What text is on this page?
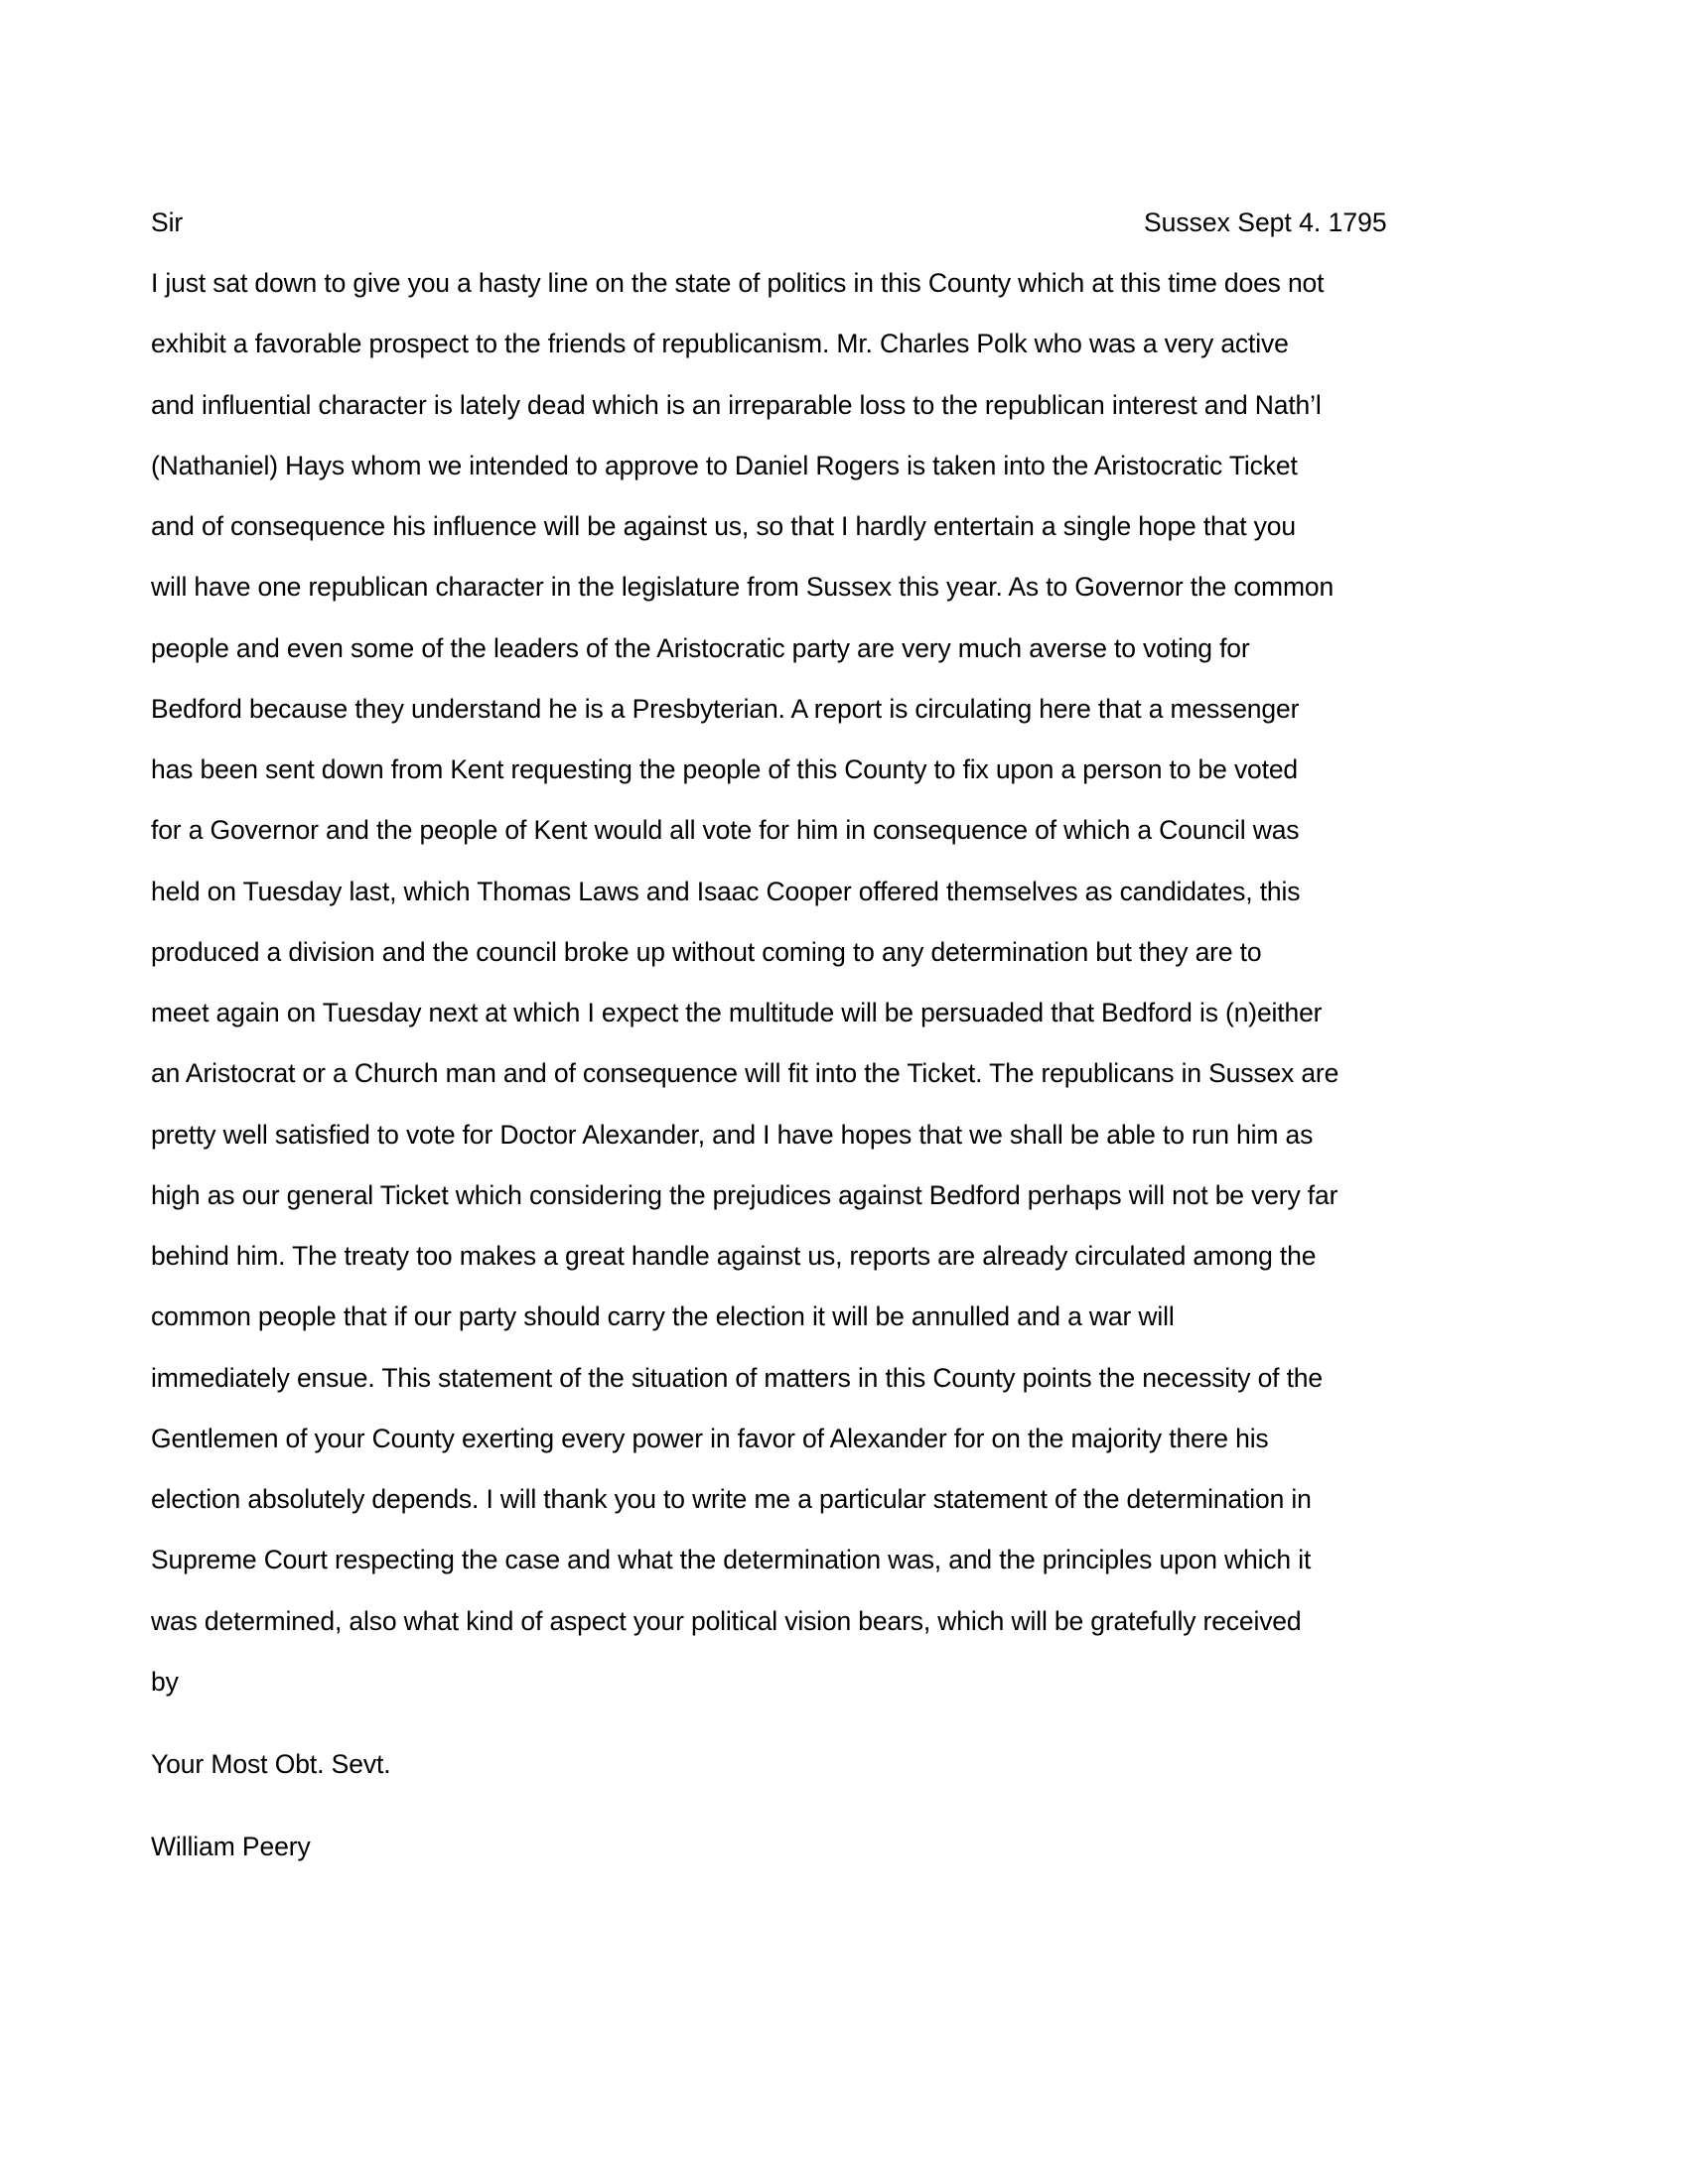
Sir	Sussex Sept 4. 1795
I just sat down to give you a hasty line on the state of politics in this County which at this time does not
exhibit a favorable prospect to the friends of republicanism. Mr. Charles Polk who was a very active
and influential character is lately dead which is an irreparable loss to the republican interest and Nath’l
(Nathaniel) Hays whom we intended to approve to Daniel Rogers is taken into the Aristocratic Ticket
and of consequence his influence will be against us, so that I hardly entertain a single hope that you
will have one republican character in the legislature from Sussex this year. As to Governor the common
people and even some of the leaders of the Aristocratic party are very much averse to voting for
Bedford because they understand he is a Presbyterian. A report is circulating here that a messenger
has been sent down from Kent requesting the people of this County to fix upon a person to be voted
for a Governor and the people of Kent would all vote for him in consequence of which a Council was
held on Tuesday last, which Thomas Laws and Isaac Cooper offered themselves as candidates, this
produced a division and the council broke up without coming to any determination but they are to
meet again on Tuesday next at which I expect the multitude will be persuaded that Bedford is (n)either
an Aristocrat or a Church man and of consequence will fit into the Ticket. The republicans in Sussex are
pretty well satisfied to vote for Doctor Alexander, and I have hopes that we shall be able to run him as
high as our general Ticket which considering the prejudices against Bedford perhaps will not be very far
behind him. The treaty too makes a great handle against us, reports are already circulated among the
common people that if our party should carry the election it will be annulled and a war will
immediately ensue. This statement of the situation of matters in this County points the necessity of the
Gentlemen of your County exerting every power in favor of Alexander for on the majority there his
election absolutely depends. I will thank you to write me a particular statement of the determination in
Supreme Court respecting the case and what the determination was, and the principles upon which it
was determined, also what kind of aspect your political vision bears, which will be gratefully received
by
Your Most Obt. Sevt.
William Peery
